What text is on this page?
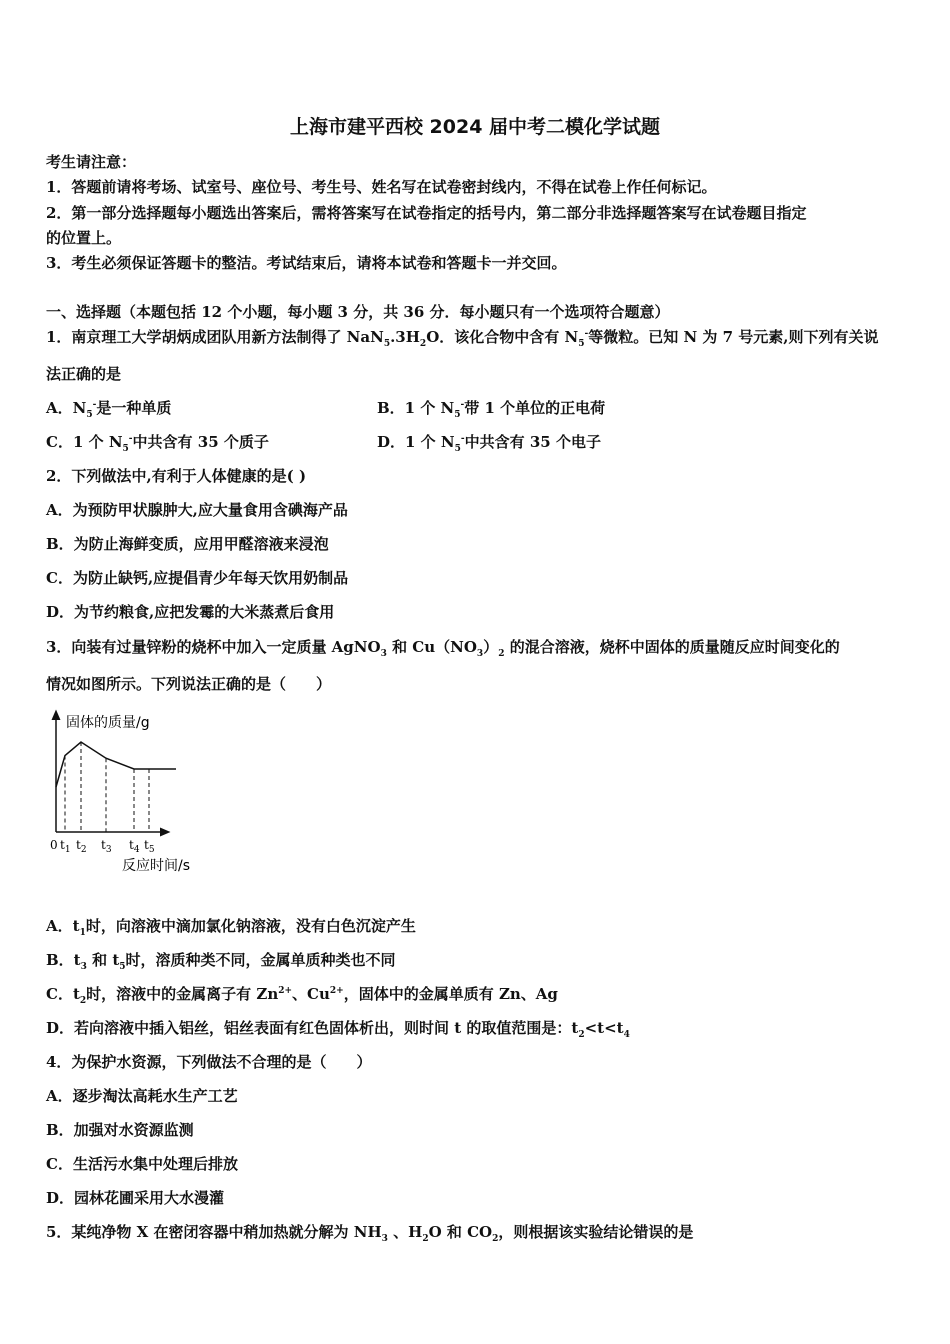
上海市建平西校 2024 届中考二模化学试题
考生请注意：
1．答题前请将考场、试室号、座位号、考生号、姓名写在试卷密封线内，不得在试卷上作任何标记。
2．第一部分选择题每小题选出答案后，需将答案写在试卷指定的括号内，第二部分非选择题答案写在试卷题目指定
的位置上。
3．考生必须保证答题卡的整洁。考试结束后，请将本试卷和答题卡一并交回。
一、选择题（本题包括 12 个小题，每小题 3 分，共 36 分．每小题只有一个选项符合题意）
1．南京理工大学胡炳成团队用新方法制得了 $NaN_5.3H_2O$．该化合物中含有 $N_5^-$等微粒。已知 N 为 7 号元素,则下列有关说
法正确的是
A．$N_5^-$是一种单质	B．1 个 $N_5^-$带 1 个单位的正电荷
C．1 个 $N_5^-$中共含有 35 个质子	D．1 个 $N_5^-$中共含有 35 个电子
2．下列做法中,有利于人体健康的是( )
A．为预防甲状腺肿大,应大量食用含碘海产品
B．为防止海鲜变质，应用甲醛溶液来浸泡
C．为防止缺钙,应提倡青少年每天饮用奶制品
D．为节约粮食,应把发霉的大米蒸煮后食用
3．向装有过量锌粉的烧杯中加入一定质量 AgNO$_3$ 和 $Cu(NO_3)_2$ 的混合溶液，烧杯中固体的质量随反应时间变化的
情况如图所示。下列说法正确的是（　　）
固体的质量/g
反应时间/s
0 $t_1$ $t_2$ $t_3$ $t_4$ $t_5$
A．$t_1$时，向溶液中滴加氯化钠溶液，没有白色沉淀产生
B．$t_3$ 和 $t_5$时，溶质种类不同，金属单质种类也不同
C．$t_2$时，溶液中的金属离子有 $Zn^{2+}$、$Cu^{2+}$，固体中的金属单质有 Zn、Ag
D．若向溶液中插入铝丝，铝丝表面有红色固体析出，则时间 t 的取值范围是：$t_2<t<t_4$
4．为保护水资源，下列做法不合理的是（　　）
A．逐步淘汰高耗水生产工艺
B．加强对水资源监测
C．生活污水集中处理后排放
D．园林花圃采用大水漫灌
5．某纯净物 X 在密闭容器中稍加热就分解为 $NH_3$ 、$H_2O$ 和 $CO_2$，则根据该实验结论错误的是
